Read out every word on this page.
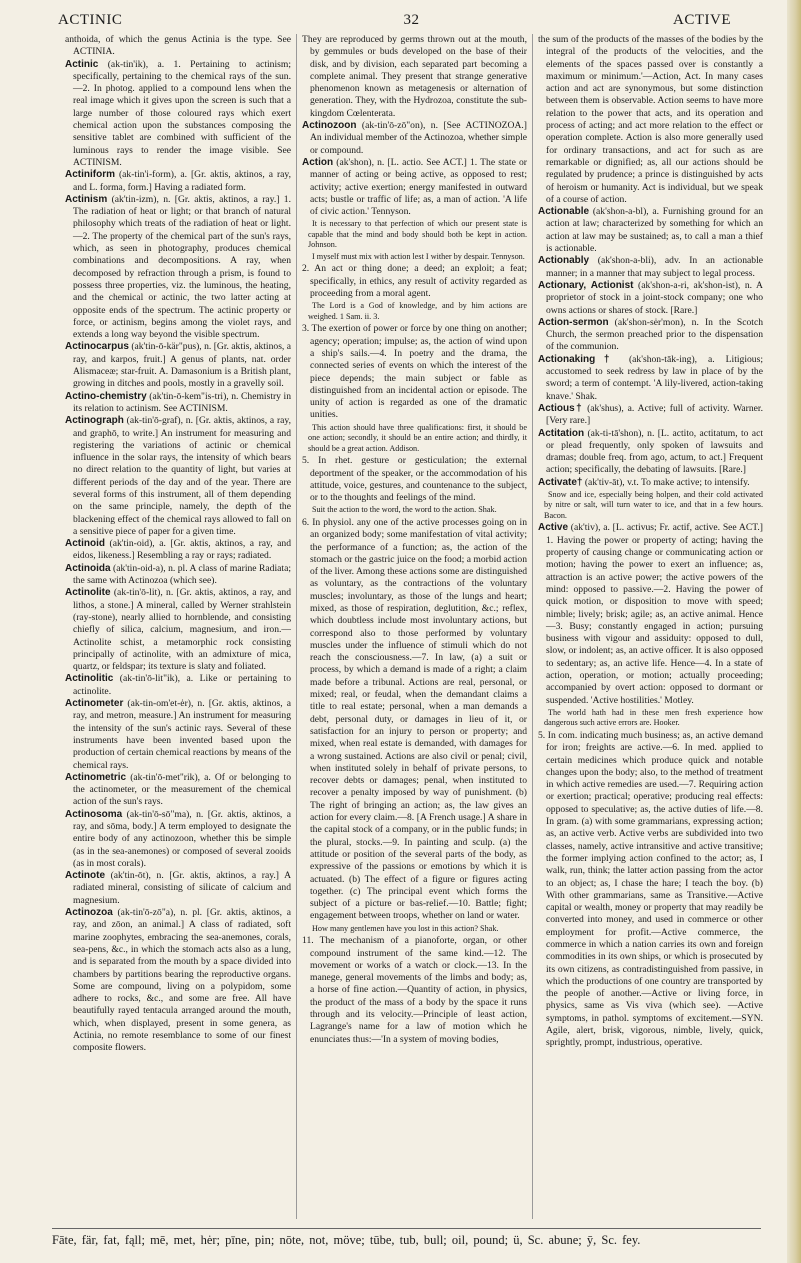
ACTINIC	32	ACTIVE

anthoida, of which the genus Actinia is the type. See ACTINIA.

Actinic (ak-tin'ik), a. 1. Pertaining to actinism; specifically, pertaining to the chemical rays of the sun.—2. In photog. applied to a compound lens when the real image which it gives upon the screen is such that a large number of those coloured rays which exert chemical action upon the substances composing the sensitive tablet are combined with sufficient of the luminous rays to render the image visible. See ACTINISM.

Actiniform (ak-tin'i-form), a. [Gr. aktis, aktinos, a ray, and L. forma, form.] Having a radiated form.

Actinism (ak'tin-izm), n. [Gr. aktis, aktinos, a ray.] 1. The radiation of heat or light; or that branch of natural philosophy which treats of the radiation of heat or light.—2. The property of the chemical part of the sun's rays, which, as seen in photography, produces chemical combinations and decompositions. A ray, when decomposed by refraction through a prism, is found to possess three properties, viz. the luminous, the heating, and the chemical or actinic, the two latter acting at opposite ends of the spectrum. The actinic property or force, or actinism, begins among the violet rays, and extends a long way beyond the visible spectrum.

Actinocarpus (ak'tin-ō-kär"pus), n. [Gr. aktis, aktinos, a ray, and karpos, fruit.] A genus of plants, nat. order Alismaceæ; star-fruit. A. Damasonium is a British plant, growing in ditches and pools, mostly in a gravelly soil.

Actino-chemistry (ak'tin-ō-kem"is-tri), n. Chemistry in its relation to actinism. See ACTINISM.

Actinograph (ak-tin'ō-graf), n. [Gr. aktis, aktinos, a ray, and graphō, to write.] An instrument for measuring and registering the variations of actinic or chemical influence in the solar rays, the intensity of which bears no direct relation to the quantity of light, but varies at different periods of the day and of the year. There are several forms of this instrument, all of them depending on the same principle, namely, the depth of the blackening effect of the chemical rays allowed to fall on a sensitive piece of paper for a given time.

Actinoid (ak'tin-oid), a. [Gr. aktis, aktinos, a ray, and eidos, likeness.] Resembling a ray or rays; radiated.

Actinoida (ak'tin-oid-a), n. pl. A class of marine Radiata; the same with Actinozoa (which see).

Actinolite (ak-tin'ō-lit), n. [Gr. aktis, aktinos, a ray, and lithos, a stone.] A mineral, called by Werner strahlstein (ray-stone), nearly allied to hornblende, and consisting chiefly of silica, calcium, magnesium, and iron.—Actinolite schist, a metamorphic rock consisting principally of actinolite, with an admixture of mica, quartz, or feldspar; its texture is slaty and foliated.

Actinolitic (ak-tin'ō-lit"ik), a. Like or pertaining to actinolite.

Actinometer (ak-tin-om'et-ėr), n. [Gr. aktis, aktinos, a ray, and metron, measure.] An instrument for measuring the intensity of the sun's actinic rays. Several of these instruments have been invented based upon the production of certain chemical reactions by means of the chemical rays.

Actinometric (ak-tin'ō-met"rik), a. Of or belonging to the actinometer, or the measurement of the chemical action of the sun's rays.

Actinosoma (ak-tin'ō-sō"ma), n. [Gr. aktis, aktinos, a ray, and sōma, body.] A term employed to designate the entire body of any actinozoon, whether this be simple (as in the sea-anemones) or composed of several zooids (as in most corals).

Actinote (ak'tin-ōt), n. [Gr. aktis, aktinos, a ray.] A radiated mineral, consisting of silicate of calcium and magnesium.

Actinozoa (ak-tin'ō-zō"a), n. pl. [Gr. aktis, aktinos, a ray, and zōon, an animal.] A class of radiated, soft marine zoophytes, embracing the sea-anemones, corals, sea-pens, &c., in which the stomach acts also as a lung, and is separated from the mouth by a space divided into chambers by partitions bearing the reproductive organs. Some are compound, living on a polypidom, some adhere to rocks, &c., and some are free. All have beautifully rayed tentacula arranged around the mouth, which, when displayed, present in some genera, as Actinia, no remote resemblance to some of our finest composite flowers.

They are reproduced by germs thrown out at the mouth, by gemmules or buds developed on the base of their disk, and by division, each separated part becoming a complete animal. They present that strange generative phenomenon known as metagenesis or alternation of generation. They, with the Hydrozoa, constitute the sub-kingdom Cœlenterata.

Actinozoon (ak-tin'ō-zō"on), n. [See ACTINOZOA.] An individual member of the Actinozoa, whether simple or compound.

Action (ak'shon), n. [L. actio. See ACT.] 1. The state or manner of acting or being active, as opposed to rest; activity; active exertion; energy manifested in outward acts; bustle or traffic of life; as, a man of action. 'A life of civic action.' Tennyson.

It is necessary to that perfection of which our present state is capable that the mind and body should both be kept in action. Johnson.

I myself must mix with action lest I wither by despair. Tennyson.

2. An act or thing done; a deed; an exploit; a feat; specifically, in ethics, any result of activity regarded as proceeding from a moral agent.

The Lord is a God of knowledge, and by him actions are weighed. 1 Sam. ii. 3.

3. The exertion of power or force by one thing on another; agency; operation; impulse; as, the action of wind upon a ship's sails.—4. In poetry and the drama, the connected series of events on which the interest of the piece depends; the main subject or fable as distinguished from an incidental action or episode. The unity of action is regarded as one of the dramatic unities.

This action should have three qualifications: first, it should be one action; secondly, it should be an entire action; and thirdly, it should be a great action. Addison.

5. In rhet. gesture or gesticulation; the external deportment of the speaker, or the accommodation of his attitude, voice, gestures, and countenance to the subject, or to the thoughts and feelings of the mind.

Suit the action to the word, the word to the action. Shak.

6. In physiol. any one of the active processes going on in an organized body; some manifestation of vital activity; the performance of a function; as, the action of the stomach or the gastric juice on the food; a morbid action of the liver. Among these actions some are distinguished as voluntary, as the contractions of the voluntary muscles; involuntary, as those of the lungs and heart; mixed, as those of respiration, deglutition, &c.; reflex, which doubtless include most involuntary actions, but correspond also to those performed by voluntary muscles under the influence of stimuli which do not reach the consciousness.—7. In law, (a) a suit or process, by which a demand is made of a right; a claim made before a tribunal. Actions are real, personal, or mixed; real, or feudal, when the demandant claims a title to real estate; personal, when a man demands a debt, personal duty, or damages in lieu of it, or satisfaction for an injury to person or property; and mixed, when real estate is demanded, with damages for a wrong sustained. Actions are also civil or penal; civil, when instituted solely in behalf of private persons, to recover debts or damages; penal, when instituted to recover a penalty imposed by way of punishment. (b) The right of bringing an action; as, the law gives an action for every claim.—8. [A French usage.] A share in the capital stock of a company, or in the public funds; in the plural, stocks.—9. In painting and sculp. (a) the attitude or position of the several parts of the body, as expressive of the passions or emotions by which it is actuated. (b) The effect of a figure or figures acting together. (c) The principal event which forms the subject of a picture or bas-relief.—10. Battle; fight; engagement between troops, whether on land or water.

How many gentlemen have you lost in this action? Shak.

11. The mechanism of a pianoforte, organ, or other compound instrument of the same kind.—12. The movement or works of a watch or clock.—13. In the manege, general movements of the limbs and body; as, a horse of fine action.—Quantity of action, in physics, the product of the mass of a body by the space it runs through and its velocity.—Principle of least action, Lagrange's name for a law of motion which he enunciates thus:—'In a system of moving bodies,

the sum of the products of the masses of the bodies by the integral of the products of the velocities, and the elements of the spaces passed over is constantly a maximum or minimum.'—Action, Act. In many cases action and act are synonymous, but some distinction between them is observable. Action seems to have more relation to the power that acts, and its operation and process of acting; and act more relation to the effect or operation complete. Action is also more generally used for ordinary transactions, and act for such as are remarkable or dignified; as, all our actions should be regulated by prudence; a prince is distinguished by acts of heroism or humanity. Act is individual, but we speak of a course of action.

Actionable (ak'shon-a-bl), a. Furnishing ground for an action at law; characterized by something for which an action at law may be sustained; as, to call a man a thief is actionable.

Actionably (ak'shon-a-bli), adv. In an actionable manner; in a manner that may subject to legal process.

Actionary, Actionist (ak'shon-a-ri, ak'shon-ist), n. A proprietor of stock in a joint-stock company; one who owns actions or shares of stock. [Rare.]

Action-sermon (ak'shon-sėr'mon), n. In the Scotch Church, the sermon preached prior to the dispensation of the communion.

Actionaking† (ak'shon-tāk-ing), a. Litigious; accustomed to seek redress by law in place of by the sword; a term of contempt. 'A lily-livered, action-taking knave.' Shak.

Actious† (ak'shus), a. Active; full of activity. Warner. [Very rare.]

Actitation (ak-ti-tā'shon), n. [L. actito, actitatum, to act or plead frequently, only spoken of lawsuits and dramas; double freq. from ago, actum, to act.] Frequent action; specifically, the debating of lawsuits. [Rare.]

Activate† (ak'tiv-āt), v.t. To make active; to intensify.

Snow and ice, especially being holpen, and their cold activated by nitre or salt, will turn water to ice, and that in a few hours. Bacon.

Active (ak'tiv), a. [L. activus; Fr. actif, active. See ACT.] 1. Having the power or property of acting; having the property of causing change or communicating action or motion; having the power to exert an influence; as, attraction is an active power; the active powers of the mind: opposed to passive.—2. Having the power of quick motion, or disposition to move with speed; nimble; lively; brisk; agile; as, an active animal. Hence—3. Busy; constantly engaged in action; pursuing business with vigour and assiduity: opposed to dull, slow, or indolent; as, an active officer. It is also opposed to sedentary; as, an active life. Hence—4. In a state of action, operation, or motion; actually proceeding; accompanied by overt action: opposed to dormant or suspended. 'Active hostilities.' Motley.

The world hath had in these men fresh experience how dangerous such active errors are. Hooker.

5. In com. indicating much business; as, an active demand for iron; freights are active.—6. In med. applied to certain medicines which produce quick and notable changes upon the body; also, to the method of treatment in which active remedies are used.—7. Requiring action or exertion; practical; operative; producing real effects: opposed to speculative; as, the active duties of life.—8. In gram. (a) with some grammarians, expressing action; as, an active verb. Active verbs are subdivided into two classes, namely, active intransitive and active transitive; the former implying action confined to the actor; as, I walk, run, think; the latter action passing from the actor to an object; as, I chase the hare; I teach the boy. (b) With other grammarians, same as Transitive.—Active capital or wealth, money or property that may readily be converted into money, and used in commerce or other employment for profit.—Active commerce, the commerce in which a nation carries its own and foreign commodities in its own ships, or which is prosecuted by its own citizens, as contradistinguished from passive, in which the productions of one country are transported by the people of another.—Active or living force, in physics, same as Vis viva (which see). —Active symptoms, in pathol. symptoms of excitement.—SYN. Agile, alert, brisk, vigorous, nimble, lively, quick, sprightly, prompt, industrious, operative.

Fāte, fär, fat, fąll; mē, met, hėr; pīne, pin; nōte, not, möve; tūbe, tub, bull; oil, pound; ü, Sc. abune; ȳ, Sc. fey.
